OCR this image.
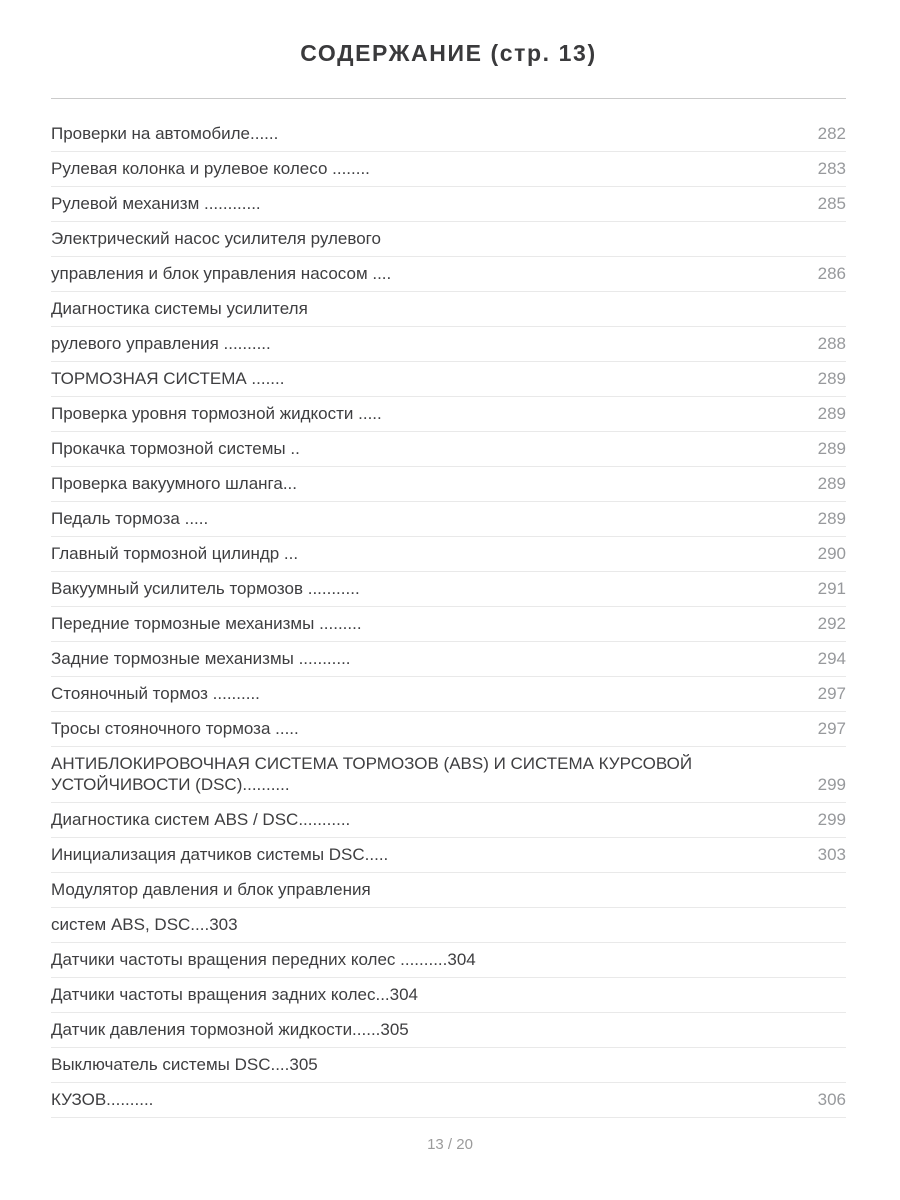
СОДЕРЖАНИЕ (стр. 13)
Проверки на автомобиле......	282
Рулевая колонка и рулевое колесо ........	283
Рулевой механизм ............	285
Электрический насос усилителя рулевого
управления и блок управления насосом ....	286
Диагностика системы усилителя
рулевого управления ..........	288
ТОРМОЗНАЯ СИСТЕМА .......	289
Проверка уровня тормозной жидкости .....	289
Прокачка тормозной системы ..	289
Проверка вакуумного шланга...	289
Педаль тормоза .....	289
Главный тормозной цилиндр ...	290
Вакуумный усилитель тормозов ...........	291
Передние тормозные механизмы .........	292
Задние тормозные механизмы ...........	294
Стояночный тормоз ..........	297
Тросы стояночного тормоза .....	297
АНТИБЛОКИРОВОЧНАЯ СИСТЕМА ТОРМОЗОВ (ABS) И СИСТЕМА КУРСОВОЙ УСТОЙЧИВОСТИ (DSC)..........	299
Диагностика систем ABS / DSC...........	299
Инициализация датчиков системы DSC.....	303
Модулятор давления и блок управления
систем ABS, DSC....303
Датчики частоты вращения передних колес ..........304
Датчики частоты вращения задних колес...304
Датчик давления тормозной жидкости......305
Выключатель системы DSC....305
КУЗОВ..........	306
13 / 20
